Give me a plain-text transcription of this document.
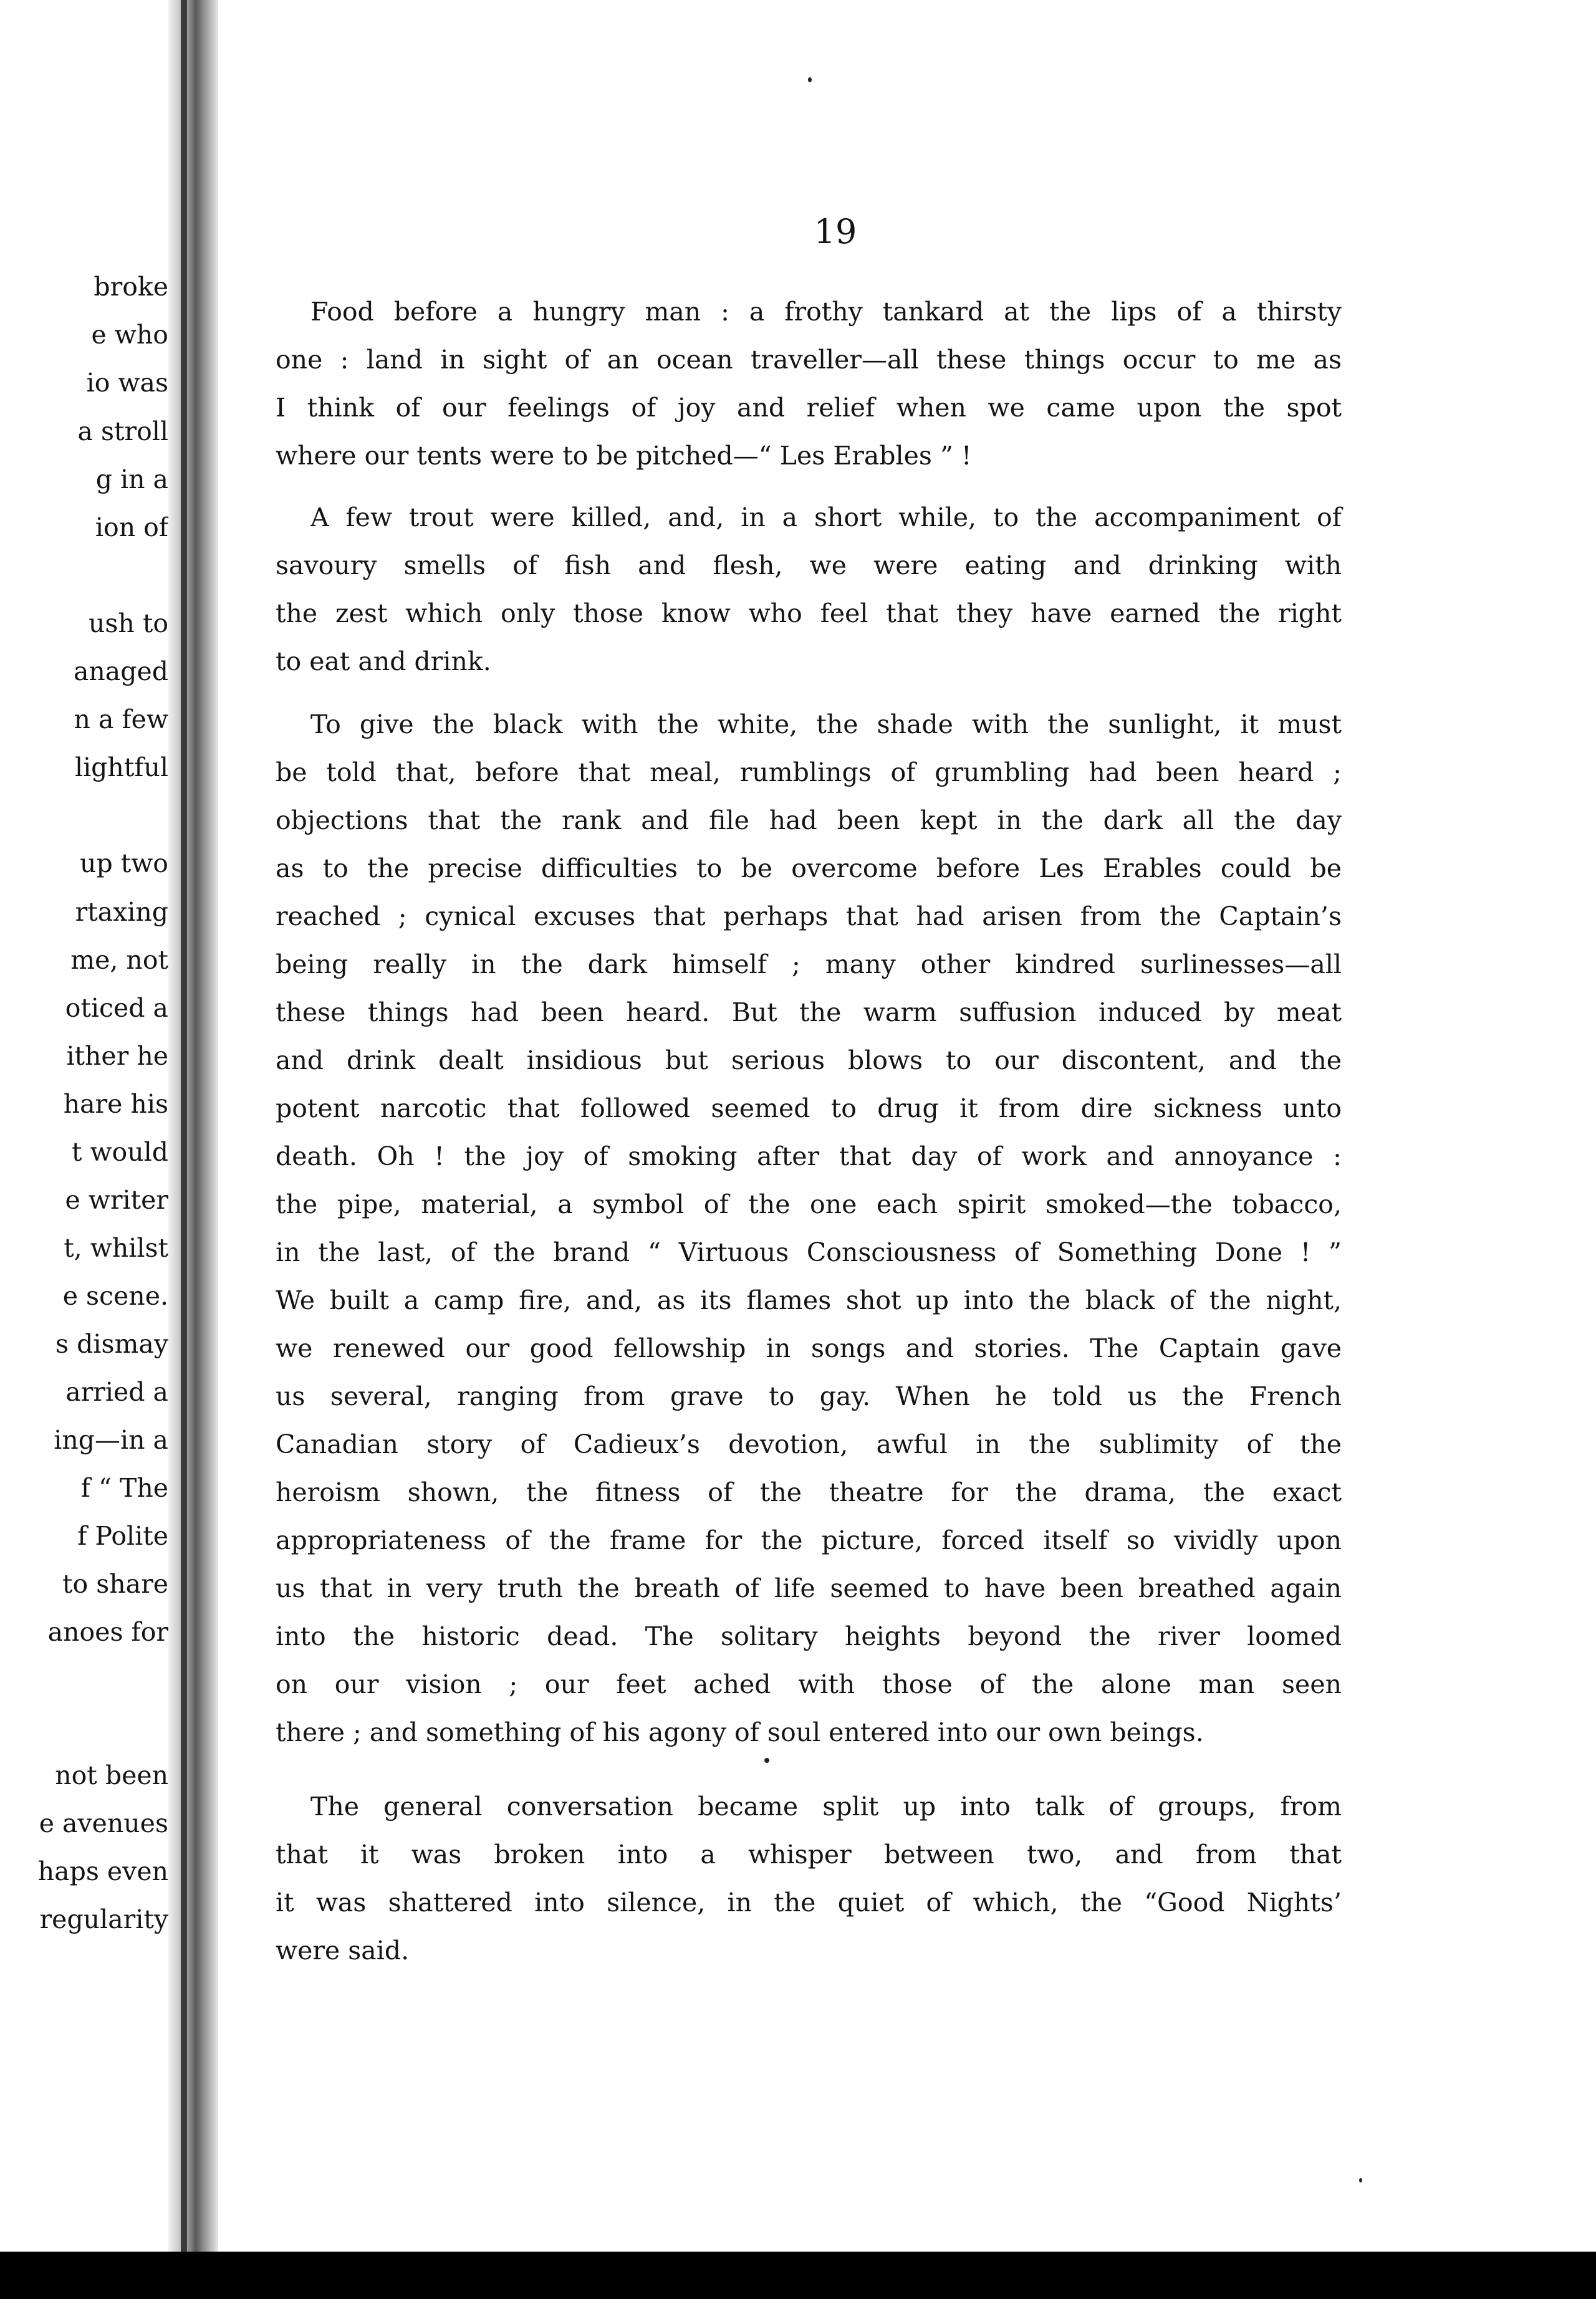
broke
e who
io was
a stroll
g in a
ion of
ush to
anaged
n a few
lightful
up two
rtaxing
me, not
oticed a
ither he
hare his
t would
e writer
t, whilst
e scene.
s dismay
arried a
ing—in a
f “ The
f Polite
to share
anoes for
not been
e avenues
haps even
regularity
19
Food before a hungry man : a frothy tankard at the lips of a thirsty
one : land in sight of an ocean traveller—all these things occur to me as
I think of our feelings of joy and relief when we came upon the spot
where our tents were to be pitched—“ Les Erables ” !
A few trout were killed, and, in a short while, to the accompaniment of
savoury smells of fish and flesh, we were eating and drinking with
the zest which only those know who feel that they have earned the right
to eat and drink.
To give the black with the white, the shade with the sunlight, it must
be told that, before that meal, rumblings of grumbling had been heard ;
objections that the rank and file had been kept in the dark all the day
as to the precise difficulties to be overcome before Les Erables could be
reached ; cynical excuses that perhaps that had arisen from the Captain’s
being really in the dark himself ; many other kindred surlinesses—all
these things had been heard. But the warm suffusion induced by meat
and drink dealt insidious but serious blows to our discontent, and the
potent narcotic that followed seemed to drug it from dire sickness unto
death. Oh ! the joy of smoking after that day of work and annoyance :
the pipe, material, a symbol of the one each spirit smoked—the tobacco,
in the last, of the brand “ Virtuous Consciousness of Something Done ! ”
We built a camp fire, and, as its flames shot up into the black of the night,
we renewed our good fellowship in songs and stories. The Captain gave
us several, ranging from grave to gay. When he told us the French
Canadian story of Cadieux’s devotion, awful in the sublimity of the
heroism shown, the fitness of the theatre for the drama, the exact
appropriateness of the frame for the picture, forced itself so vividly upon
us that in very truth the breath of life seemed to have been breathed again
into the historic dead. The solitary heights beyond the river loomed
on our vision ; our feet ached with those of the alone man seen
there ; and something of his agony of soul entered into our own beings.
The general conversation became split up into talk of groups, from
that it was broken into a whisper between two, and from that
it was shattered into silence, in the quiet of which, the “Good Nights’
were said.
